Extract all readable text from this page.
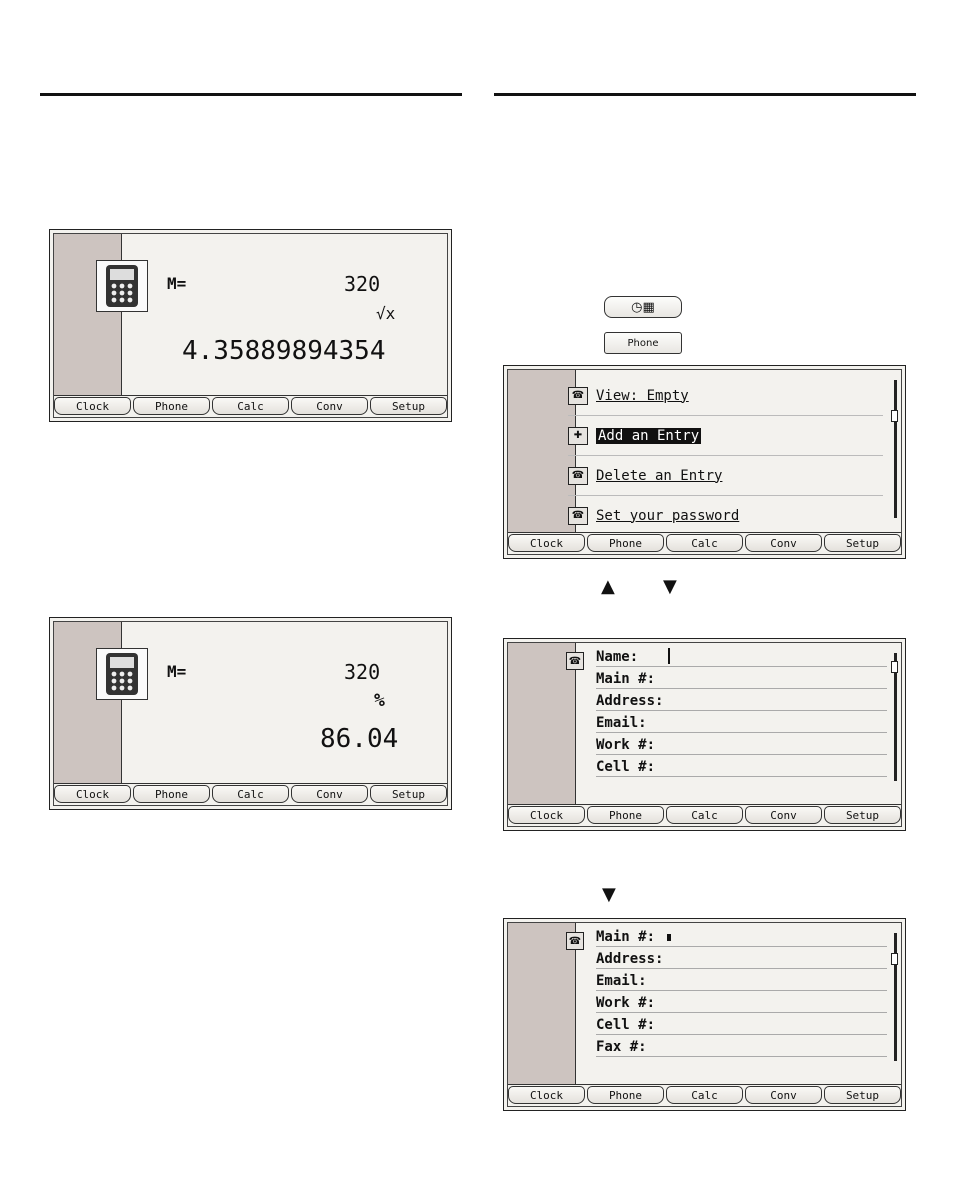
M=	320
√x
4.35889894354
Clock	Phone	Calc	Conv	Setup
M=	320
%
86.04
Clock	Phone	Calc	Conv	Setup
◷▦
Phone
☎ View: Empty
✚	Add an Entry
☎ Delete an Entry
☎ Set your password
Clock	Phone	Calc	Conv	Setup
▲	▼
☎ Name:
Main #:
Address:
Email:
Work #:
Cell #:
Clock	Phone	Calc	Conv	Setup
▼
☎ Main #:
Address:
Email:
Work #:
Cell #:
Fax #:
Clock	Phone	Calc	Conv	Setup
